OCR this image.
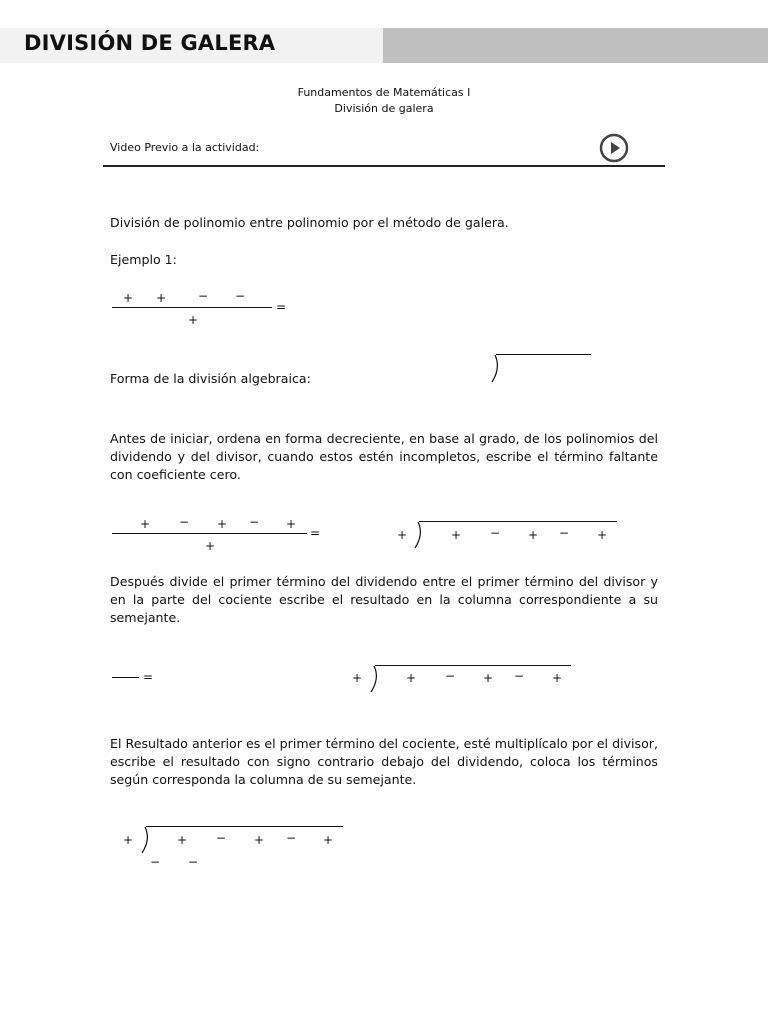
DIVISIÓN DE GALERA
Fundamentos de Matemáticas I
División de galera
Video Previo a la actividad:
División de polinomio entre polinomio por el método de galera.
Ejemplo 1:
+ +	− −
=
+
Forma de la división algebraica:
Antes de iniciar, ordena en forma decreciente, en base al grado, de los polinomios del dividendo y del divisor, cuando estos estén incompletos, escribe el término faltante con coeficiente cero.
+ − + − +
=
+
+	+ − + − +
Después divide el primer término del dividendo entre el primer término del divisor y en la parte del cociente escribe el resultado en la columna correspondiente a su semejante.
=	+	+ − + − +
El Resultado anterior es el primer término del cociente, esté multiplícalo por el divisor, escribe el resultado con signo contrario debajo del dividendo, coloca los términos según corresponda la columna de su semejante.
+	+ − + − +
− −
